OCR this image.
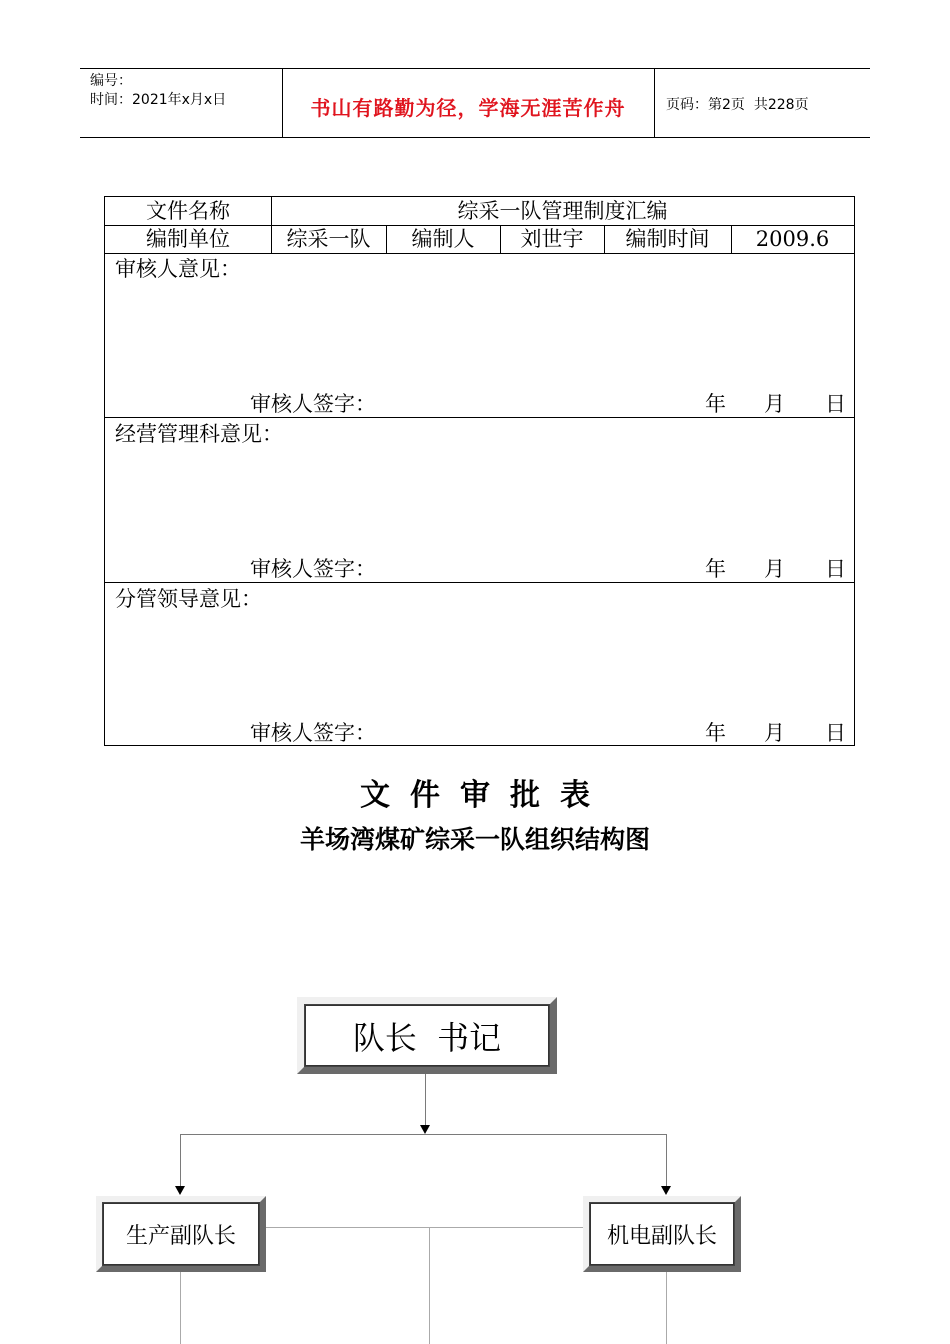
编号：
时间：2021年x月x日	书山有路勤为径，学海无涯苦作舟	页码：第2页  共228页
文件名称	综采一队管理制度汇编
编制单位	综采一队	编制人	刘世宇	编制时间	2009.6
审核人意见：
审核人签字：	年 月 日
经营管理科意见：
审核人签字：	年 月 日
分管领导意见：
审核人签字：	年 月 日
文件审批表
羊场湾煤矿综采一队组织结构图
队长  书记
生产副队长	机电副队长
